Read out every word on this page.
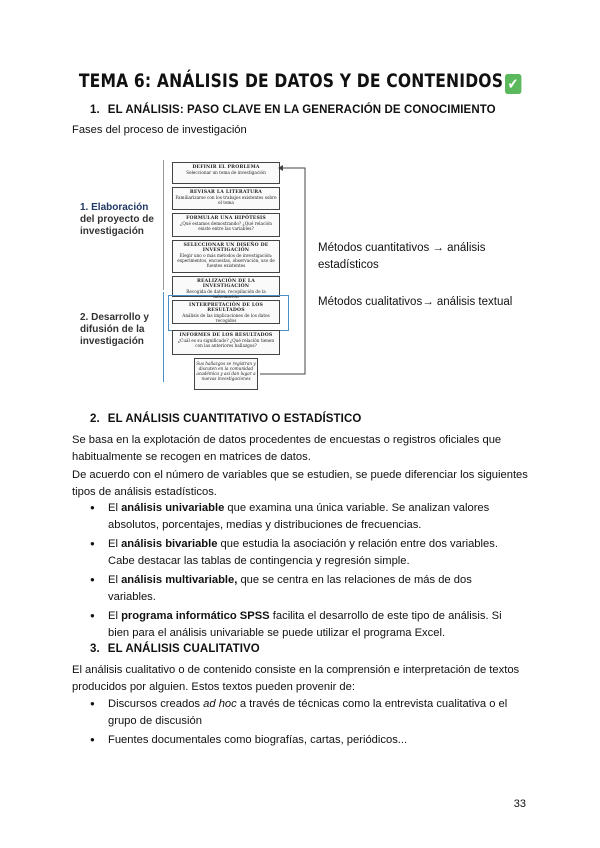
TEMA 6: ANÁLISIS DE DATOS Y DE CONTENIDOS ✔
1. EL ANÁLISIS: PASO CLAVE EN LA GENERACIÓN DE CONOCIMIENTO
Fases del proceso de investigación
1. Elaboración
del proyecto de
investigación
2. Desarrollo y
difusión de la
investigación
DEFINIR EL PROBLEMA
Seleccionar un tema de investigación
REVISAR LA LITERATURA
Familiarizarse con los trabajos existentes sobre el tema
FORMULAR UNA HIPÓTESIS
¿Qué estamos demostrando? ¿Qué relación existe entre las variables?
SELECCIONAR UN DISEÑO DE INVESTIGACIÓN
Elegir uno o más métodos de investigación: experimentos, encuestas, observación, uso de fuentes existentes
REALIZACIÓN DE LA INVESTIGACIÓN
Recogida de datos, recopilación de la información
INTERPRETACIÓN DE LOS RESULTADOS
Análisis de las implicaciones de los datos recogidos
INFORMES DE LOS RESULTADOS
¿Cuál es su significado? ¿Qué relación tienen con las anteriores hallazgos?
Sus hallazgos se registran y discuten en la comunidad académica y así dan lugar a nuevas investigaciones
Métodos cuantitativos → análisis
estadísticos
Métodos cualitativos→ análisis textual
2. EL ANÁLISIS CUANTITATIVO O ESTADÍSTICO
Se basa en la explotación de datos procedentes de encuestas o registros oficiales que
habitualmente se recogen en matrices de datos.
De acuerdo con el número de variables que se estudien, se puede diferenciar los siguientes
tipos de análisis estadísticos.
● El análisis univariable que examina una única variable. Se analizan valores absolutos, porcentajes, medias y distribuciones de frecuencias.
● El análisis bivariable que estudia la asociación y relación entre dos variables. Cabe destacar las tablas de contingencia y regresión simple.
● El análisis multivariable, que se centra en las relaciones de más de dos variables.
● El programa informático SPSS facilita el desarrollo de este tipo de análisis. Si bien para el análisis univariable se puede utilizar el programa Excel.
3. EL ANÁLISIS CUALITATIVO
El análisis cualitativo o de contenido consiste en la comprensión e interpretación de textos
producidos por alguien. Estos textos pueden provenir de:
● Discursos creados ad hoc a través de técnicas como la entrevista cualitativa o el grupo de discusión
● Fuentes documentales como biografías, cartas, periódicos...
33
